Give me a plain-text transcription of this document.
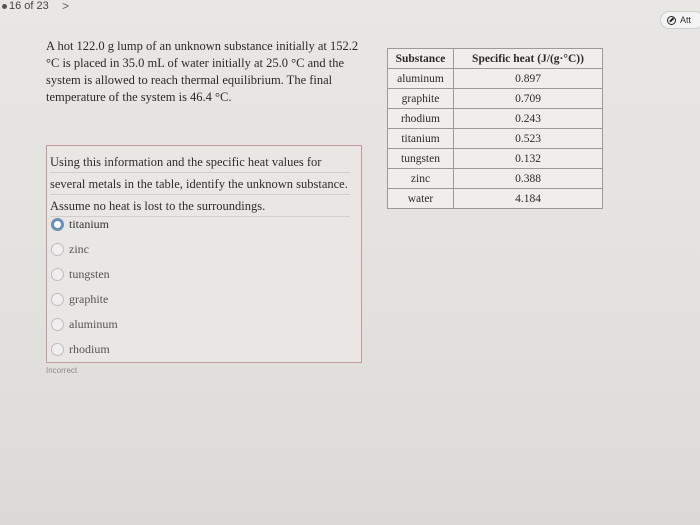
16 of 23 >
Att
A hot 122.0 g lump of an unknown substance initially at 152.2 °C is placed in 35.0 mL of water initially at 25.0 °C and the system is allowed to reach thermal equilibrium. The final temperature of the system is 46.4 °C.
Substance	Specific heat (J/(g·°C))
aluminum	0.897
graphite	0.709
rhodium	0.243
titanium	0.523
tungsten	0.132
zinc	0.388
water	4.184
Using this information and the specific heat values for several metals in the table, identify the unknown substance. Assume no heat is lost to the surroundings.
titanium
zinc
tungsten
graphite
aluminum
rhodium
Incorrect
